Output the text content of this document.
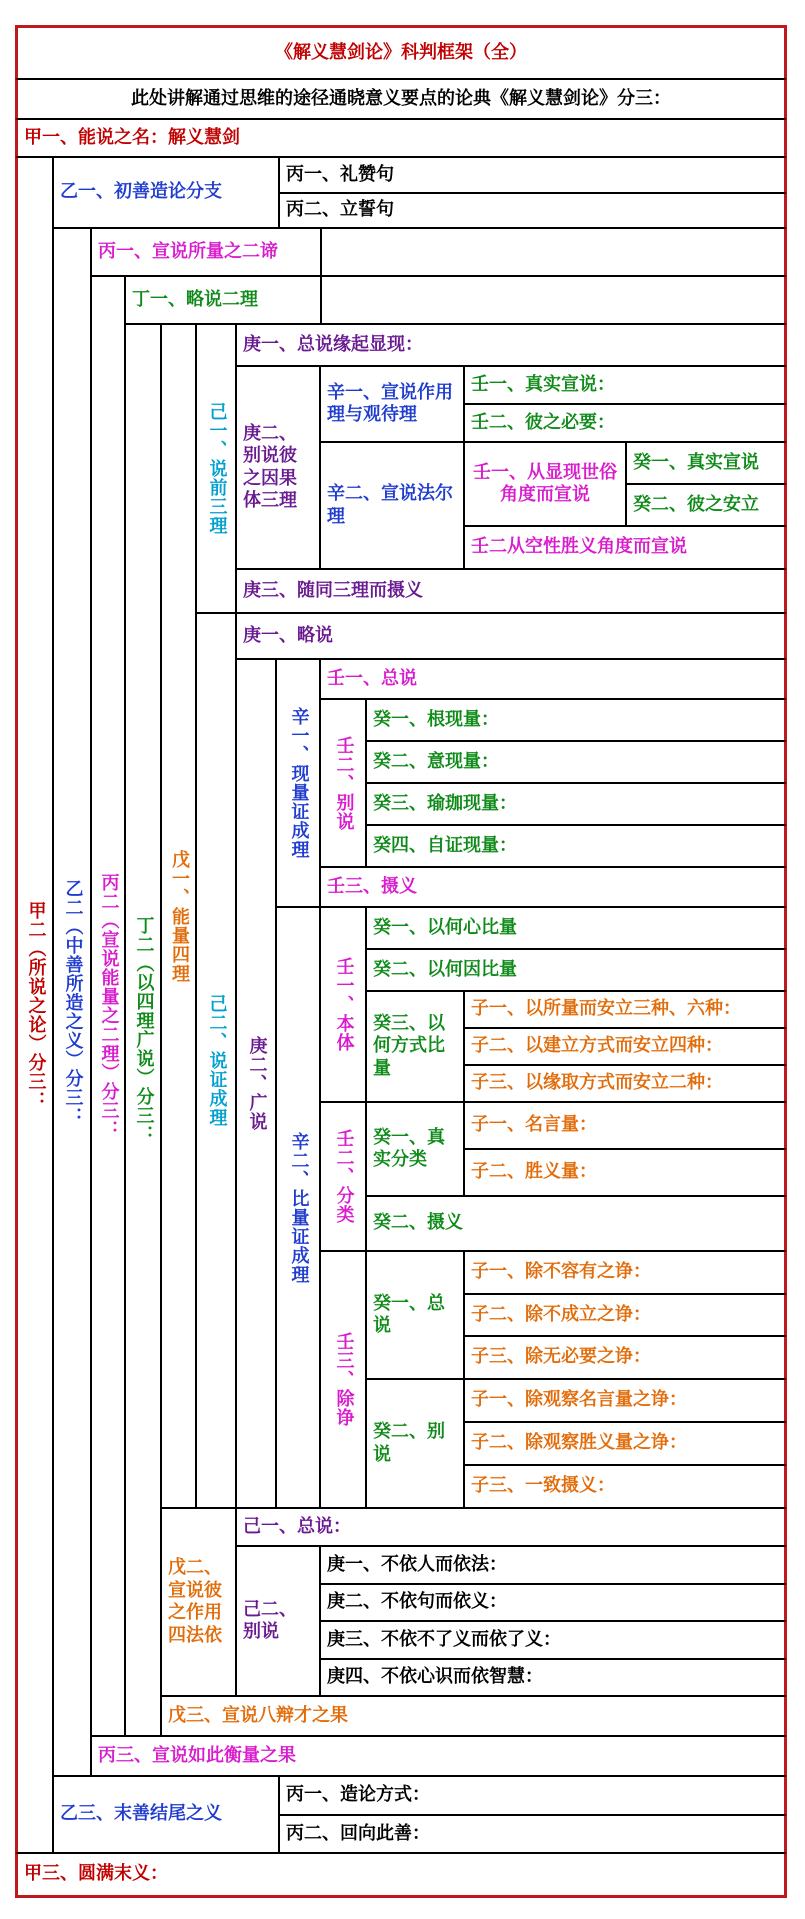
《解义慧剑论》科判框架（全）
此处讲解通过思维的途径通晓意义要点的论典《解义慧剑论》分三：
甲一、能说之名：解义慧剑
甲二（所说之论）分三：
乙一、初善造论分支
丙一、礼赞句
丙二、立誓句
乙二（中善所造之义）分三：
丙一、宣说所量之二谛
丙二（宣说能量之二理）分三：
丁一、略说二理
丁二（以四理广说）分三： 戊一、能量四理
己一、说前三理
庚一、总说缘起显现：
庚二、别说彼之因果体三理
辛一、宣说作用理与观待理
壬一、真实宣说：
壬二、彼之必要：
辛二、宣说法尔理
壬一、从显现世俗角度而宣说
癸一、真实宣说
癸二、彼之安立
壬二从空性胜义角度而宣说
庚三、随同三理而摄义
己二、说证成理
庚一、略说
庚二、广说
辛一、现量证成理
壬一、总说
壬二、别说
癸一、根现量：
癸二、意现量：
癸三、瑜珈现量：
癸四、自证现量：
壬三、摄义
辛二、比量证成理
壬一、本体
癸一、以何心比量
癸二、以何因比量
癸三、以何方式比量
子一、以所量而安立三种、六种：
子二、以建立方式而安立四种：
子三、以缘取方式而安立二种：
壬二、分类	癸一、真实分类
子一、名言量：
子二、胜义量：
癸二、摄义
壬三、除诤
癸一、总说
子一、除不容有之诤：
子二、除不成立之诤：
子三、除无必要之诤：
癸二、别说
子一、除观察名言量之诤：
子二、除观察胜义量之诤：
子三、一致摄义：
戊二、宣说彼之作用四法依
己一、总说：
己二、别说
庚一、不依人而依法：
庚二、不依句而依义：
庚三、不依不了义而依了义：
庚四、不依心识而依智慧：
戊三、宣说八辩才之果
丙三、宣说如此衡量之果
乙三、末善结尾之义
丙一、造论方式：
丙二、回向此善：
甲三、圆满末义：
